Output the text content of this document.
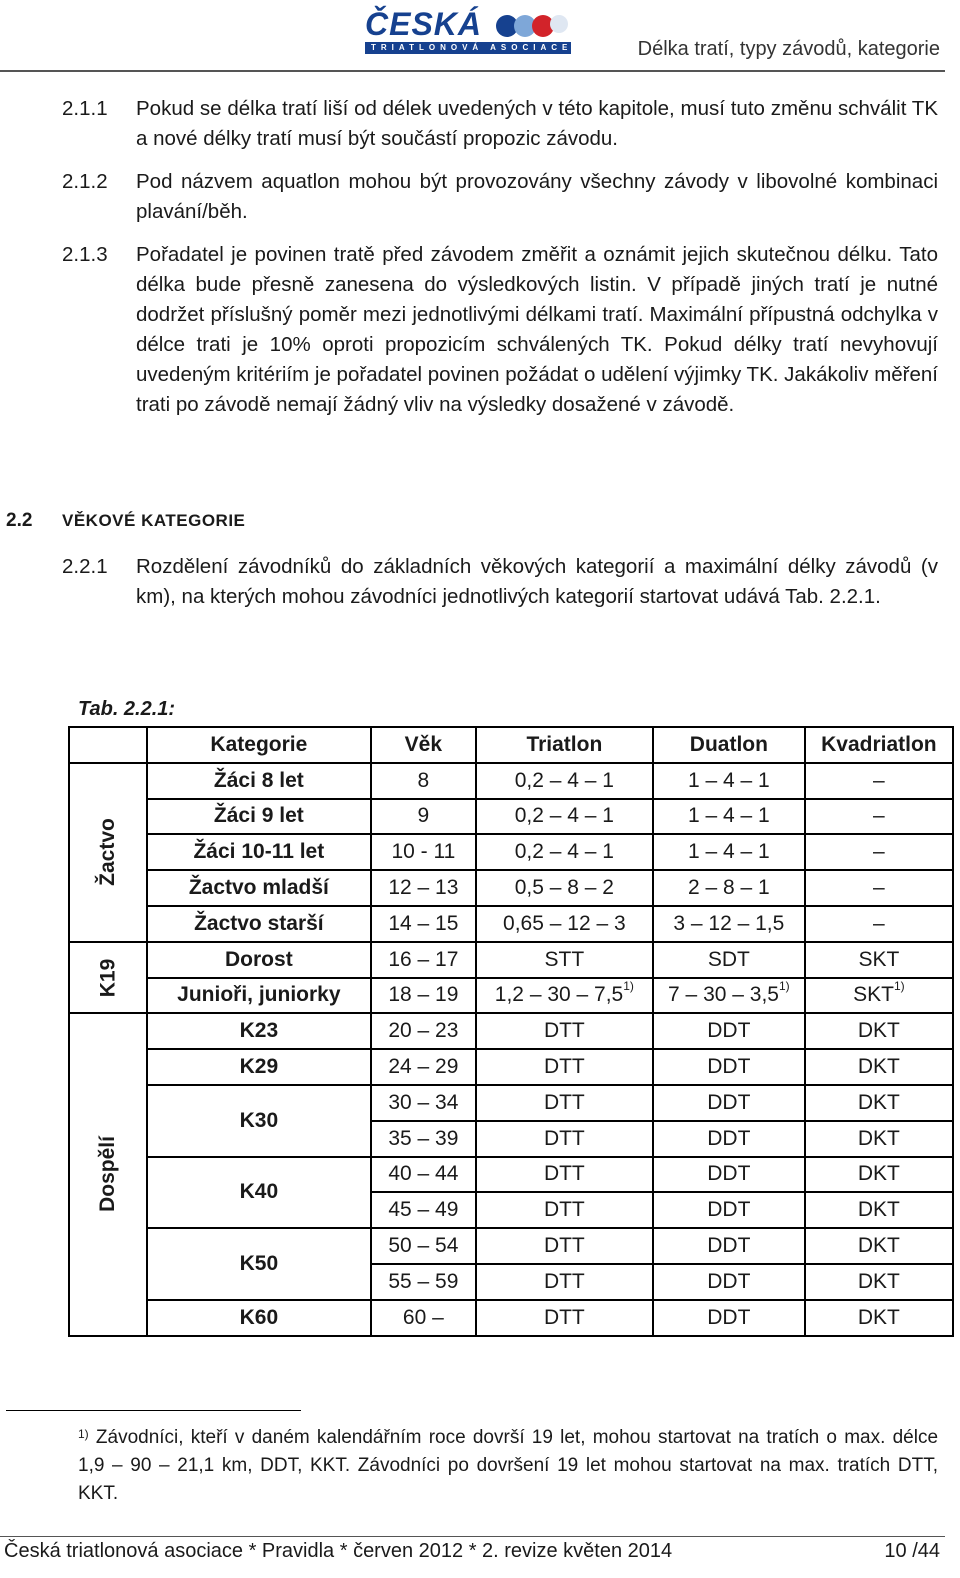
ČESKÁ
TRIATLONOVÁ ASOCIACE	Délka tratí, typy závodů, kategorie
2.1.1 Pokud se délka tratí liší od délek uvedených v této kapitole, musí tuto změnu schválit TK a nové délky tratí musí být součástí propozic závodu.
2.1.2 Pod názvem aquatlon mohou být provozovány všechny závody v libovolné kombinaci plavání/běh.
2.1.3 Pořadatel je povinen tratě před závodem změřit a oznámit jejich skutečnou délku. Tato délka bude přesně zanesena do výsledkových listin. V případě jiných tratí je nutné dodržet příslušný poměr mezi jednotlivými délkami tratí. Maximální přípustná odchylka v délce trati je 10% oproti propozicím schválených TK. Pokud délky tratí nevyhovují uvedeným kritériím je pořadatel povinen požádat o udělení výjimky TK. Jakákoliv měření trati po závodě nemají žádný vliv na výsledky dosažené v závodě.
2.2 VĚKOVÉ KATEGORIE
2.2.1 Rozdělení závodníků do základních věkových kategorií a maximální délky závodů (v km), na kterých mohou závodníci jednotlivých kategorií startovat udává Tab. 2.2.1.
Tab. 2.2.1:
	Kategorie	Věk	Triatlon	Duatlon	Kvadriatlon
Žactvo	Žáci 8 let	8	0,2 – 4 – 1	1 – 4 – 1	–
	Žáci 9 let	9	0,2 – 4 – 1	1 – 4 – 1	–
	Žáci 10-11 let	10 - 11	0,2 – 4 – 1	1 – 4 – 1	–
	Žactvo mladší	12 – 13	0,5 – 8 – 2	2 – 8 – 1	–
	Žactvo starší	14 – 15	0,65 – 12 – 3	3 – 12 – 1,5	–
K19	Dorost	16 – 17	STT	SDT	SKT
	Junioři, juniorky	18 – 19	1,2 – 30 – 7,5$^{1)}$	7 – 30 – 3,5$^{1)}$	SKT$^{1)}$
Dospělí	K23	20 – 23	DTT	DDT	DKT
	K29	24 – 29	DTT	DDT	DKT
	K30	30 – 34	DTT	DDT	DKT
		35 – 39	DTT	DDT	DKT
	K40	40 – 44	DTT	DDT	DKT
		45 – 49	DTT	DDT	DKT
	K50	50 – 54	DTT	DDT	DKT
		55 – 59	DTT	DDT	DKT
	K60	60 –	DTT	DDT	DKT
$^{1)}$ Závodníci, kteří v daném kalendářním roce dovrší 19 let, mohou startovat na tratích o max. délce 1,9 – 90 – 21,1 km, DDT, KKT. Závodníci po dovršení 19 let mohou startovat na max. tratích DTT, KKT.
Česká triatlonová asociace * Pravidla * červen 2012 * 2. revize květen 2014	10 /44
